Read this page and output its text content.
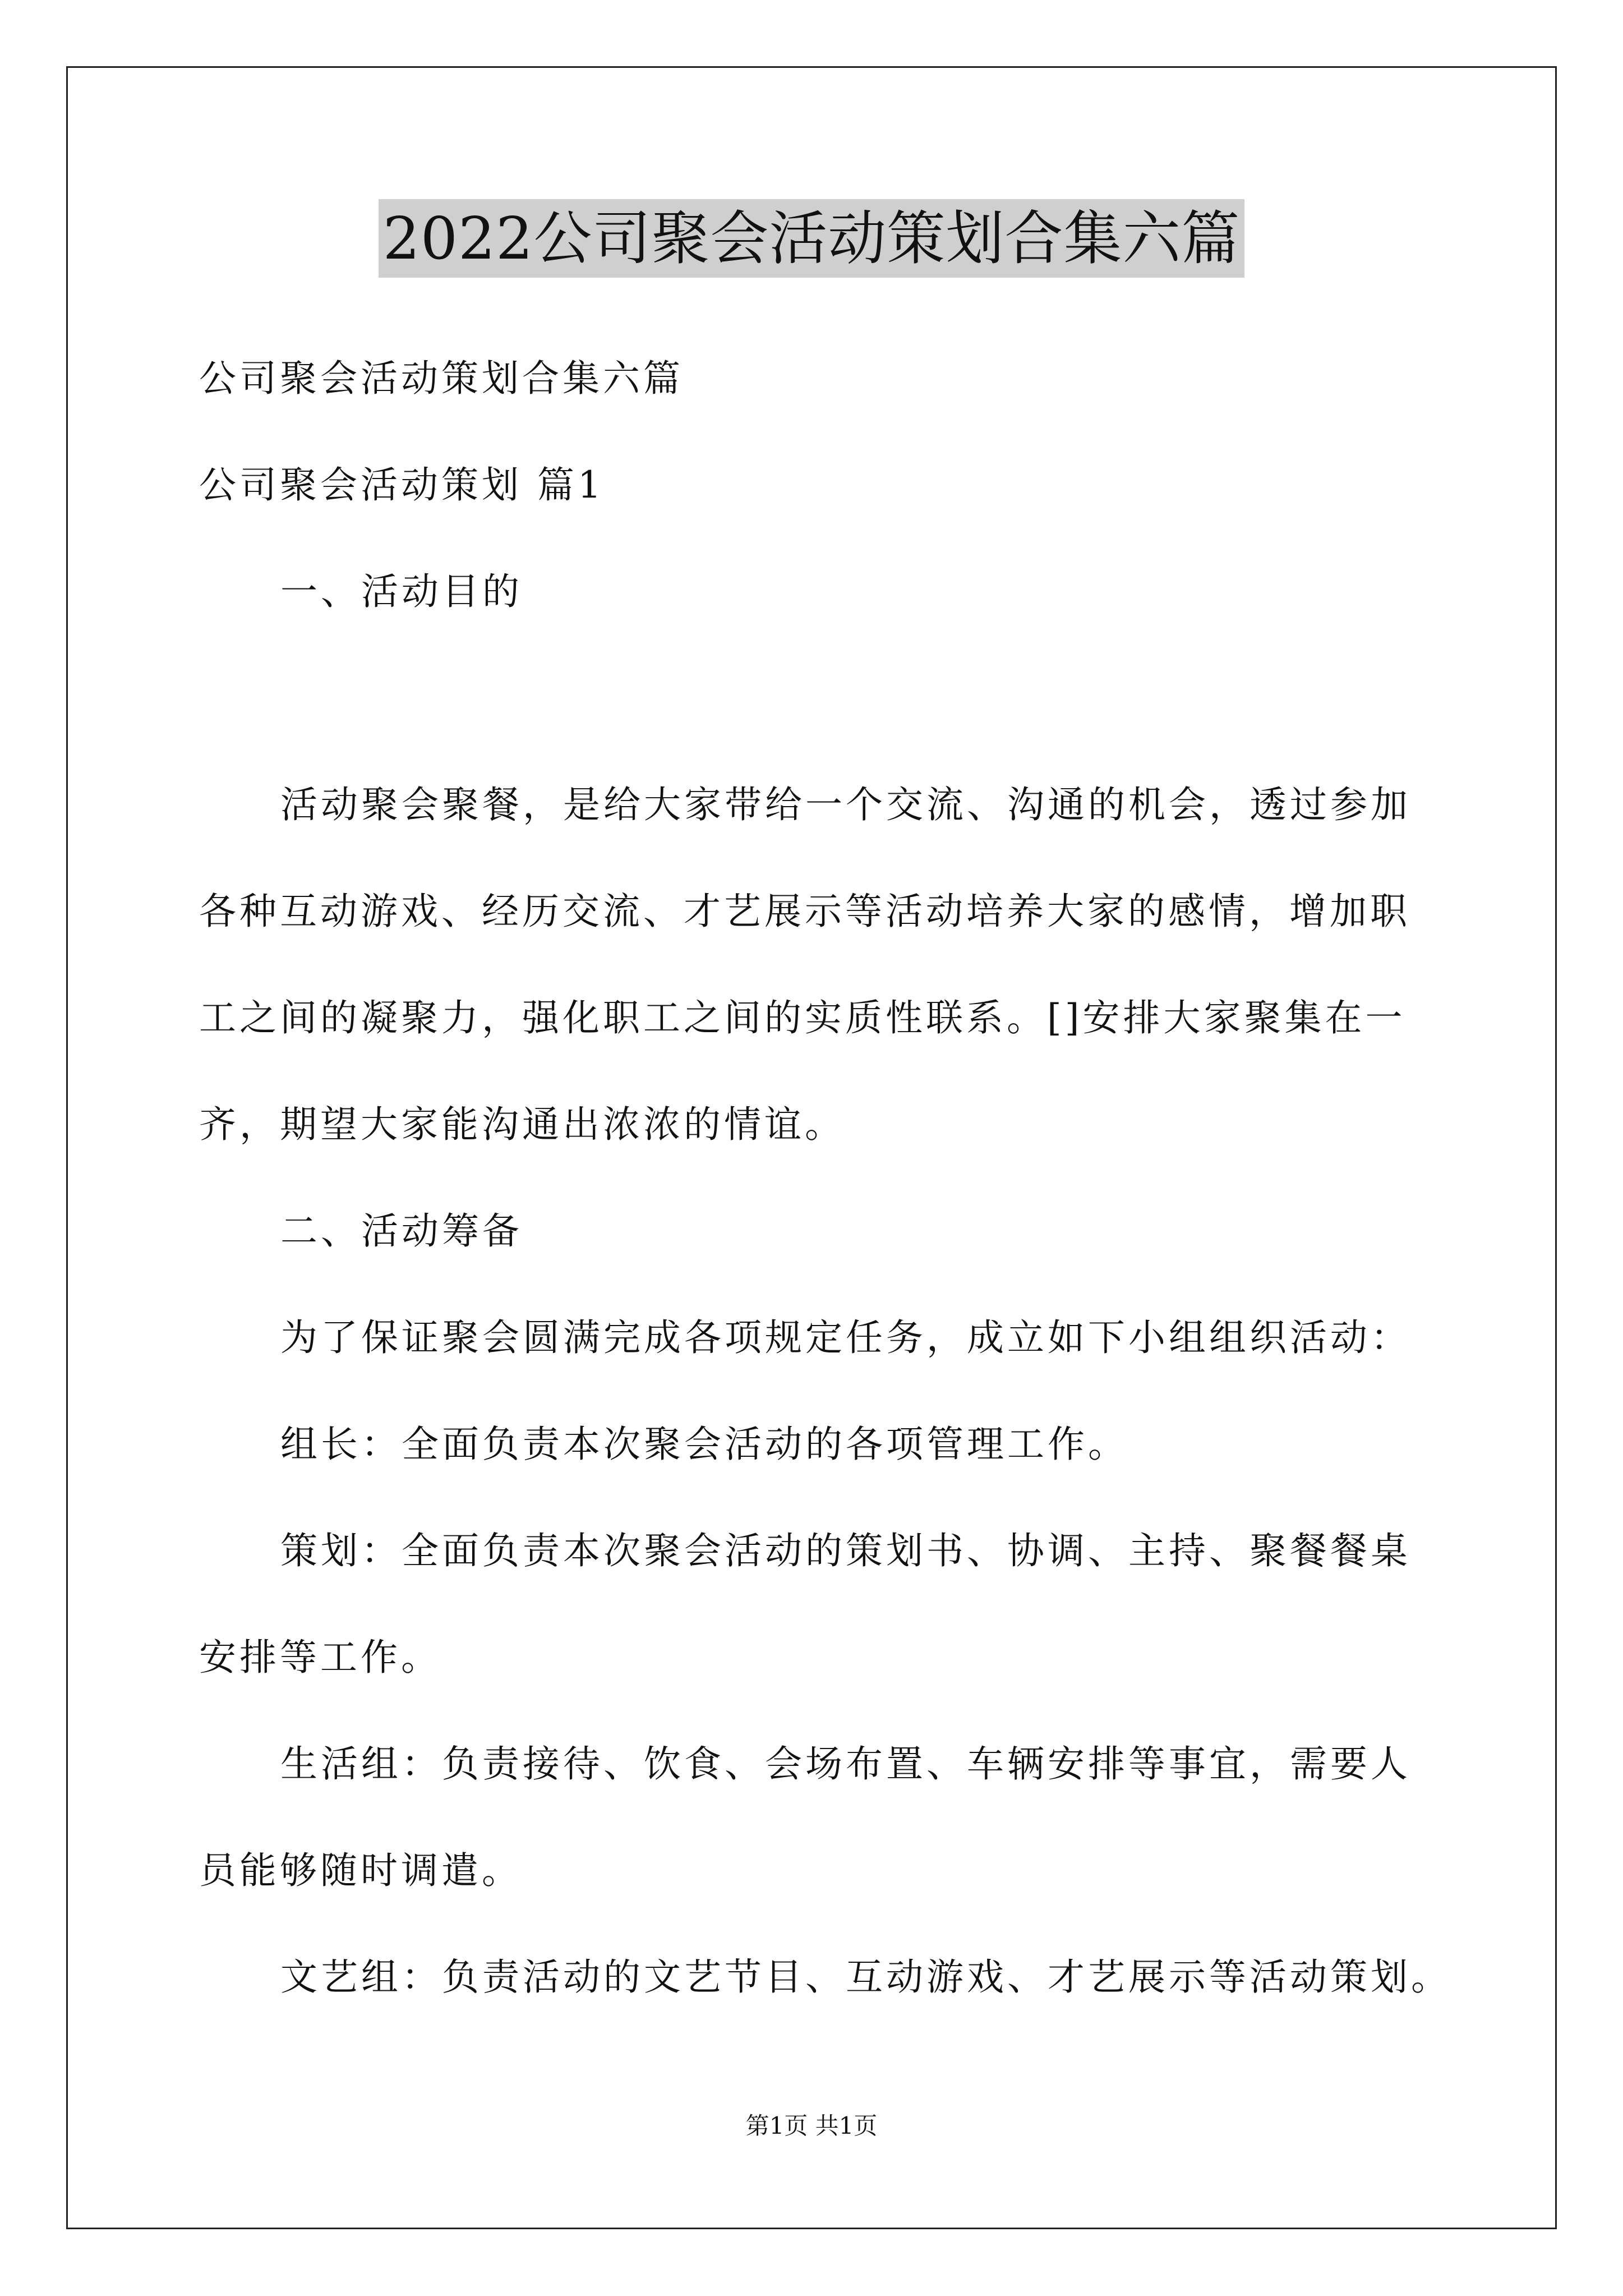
2022公司聚会活动策划合集六篇
公司聚会活动策划合集六篇
公司聚会活动策划 篇1
一、活动目的
活动聚会聚餐，是给大家带给一个交流、沟通的机会，透过参加
各种互动游戏、经历交流、才艺展示等活动培养大家的感情，增加职
工之间的凝聚力，强化职工之间的实质性联系。[]安排大家聚集在一
齐，期望大家能沟通出浓浓的情谊。
二、活动筹备
为了保证聚会圆满完成各项规定任务，成立如下小组组织活动：
组长：全面负责本次聚会活动的各项管理工作。
策划：全面负责本次聚会活动的策划书、协调、主持、聚餐餐桌
安排等工作。
生活组：负责接待、饮食、会场布置、车辆安排等事宜，需要人
员能够随时调遣。
文艺组：负责活动的文艺节目、互动游戏、才艺展示等活动策划。
第1页 共1页
